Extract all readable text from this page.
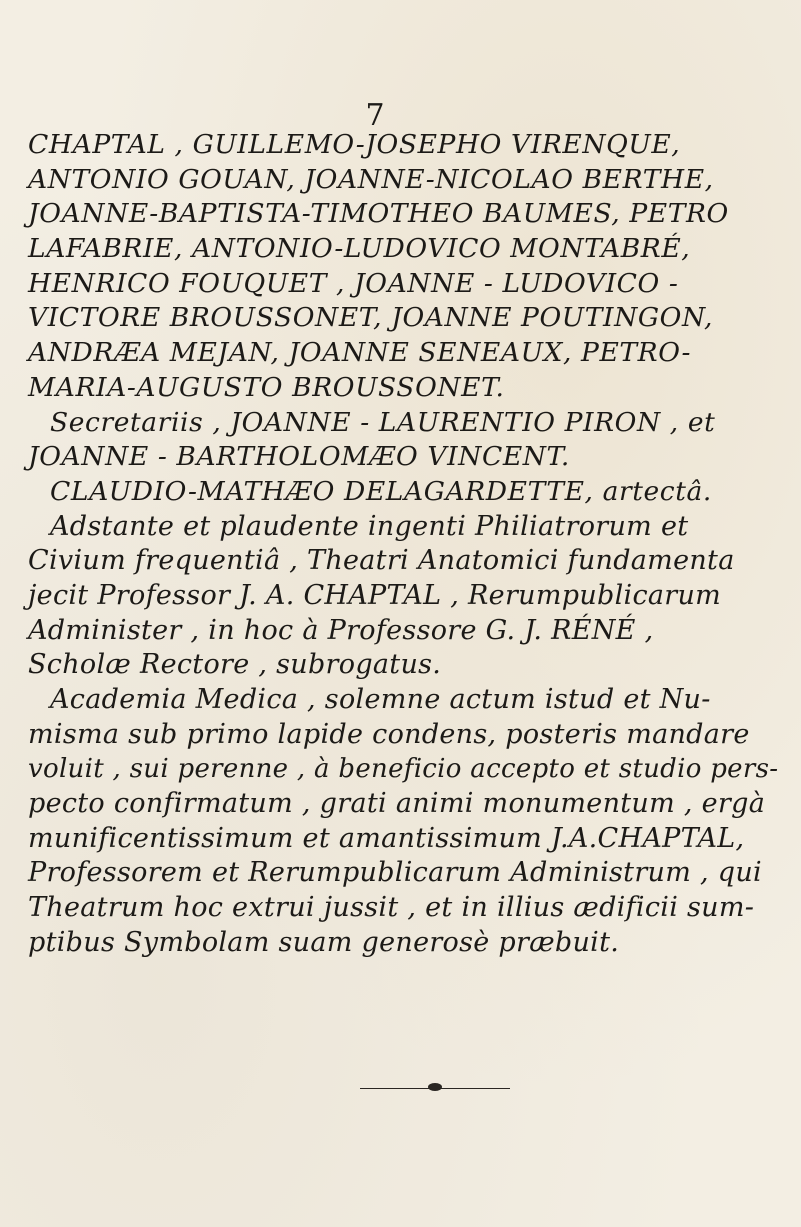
7
CHAPTAL , GUILLEMO-JOSEPHO VIRENQUE,
ANTONIO GOUAN, JOANNE-NICOLAO BERTHE,
JOANNE-BAPTISTA-TIMOTHEO BAUMES, PETRO
LAFABRIE, ANTONIO-LUDOVICO MONTABRÉ,
HENRICO FOUQUET , JOANNE - LUDOVICO -
VICTORE BROUSSONET, JOANNE POUTINGON,
ANDRÆA MEJAN, JOANNE SENEAUX, PETRO-
MARIA-AUGUSTO BROUSSONET.
Secretariis , JOANNE - LAURENTIO PIRON , et
JOANNE - BARTHOLOMÆO VINCENT.
CLAUDIO-MATHÆO DELAGARDETTE, artectâ.
Adstante et plaudente ingenti Philiatrorum et
Civium frequentiâ , Theatri Anatomici fundamenta
jecit Professor J. A. CHAPTAL , Rerumpublicarum
Administer , in hoc à Professore G. J. RÉNÉ ,
Scholæ Rectore , subrogatus.
Academia Medica , solemne actum istud et Nu-
misma sub primo lapide condens, posteris mandare
voluit , sui perenne , à beneficio accepto et studio pers-
pecto confirmatum , grati animi monumentum , ergà
munificentissimum et amantissimum J.A.CHAPTAL,
Professorem et Rerumpublicarum Administrum , qui
Theatrum hoc extrui jussit , et in illius ædificii sum-
ptibus Symbolam suam generosè præbuit.
